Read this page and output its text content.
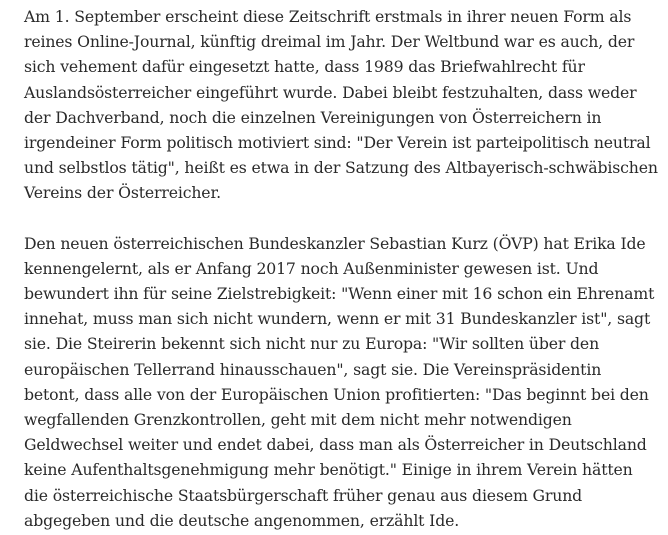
Am 1. September erscheint diese Zeitschrift erstmals in ihrer neuen Form als
reines Online-Journal, künftig dreimal im Jahr. Der Weltbund war es auch, der
sich vehement dafür eingesetzt hatte, dass 1989 das Briefwahlrecht für
Auslandsösterreicher eingeführt wurde. Dabei bleibt festzuhalten, dass weder
der Dachverband, noch die einzelnen Vereinigungen von Österreichern in
irgendeiner Form politisch motiviert sind: "Der Verein ist parteipolitisch neutral
und selbstlos tätig", heißt es etwa in der Satzung des Altbayerisch-schwäbischen
Vereins der Österreicher.

Den neuen österreichischen Bundeskanzler Sebastian Kurz (ÖVP) hat Erika Ide
kennengelernt, als er Anfang 2017 noch Außenminister gewesen ist. Und
bewundert ihn für seine Zielstrebigkeit: "Wenn einer mit 16 schon ein Ehrenamt
innehat, muss man sich nicht wundern, wenn er mit 31 Bundeskanzler ist", sagt
sie. Die Steirerin bekennt sich nicht nur zu Europa: "Wir sollten über den
europäischen Tellerrand hinausschauen", sagt sie. Die Vereinspräsidentin
betont, dass alle von der Europäischen Union profitierten: "Das beginnt bei den
wegfallenden Grenzkontrollen, geht mit dem nicht mehr notwendigen
Geldwechsel weiter und endet dabei, dass man als Österreicher in Deutschland
keine Aufenthaltsgenehmigung mehr benötigt." Einige in ihrem Verein hätten
die österreichische Staatsbürgerschaft früher genau aus diesem Grund
abgegeben und die deutsche angenommen, erzählt Ide.
